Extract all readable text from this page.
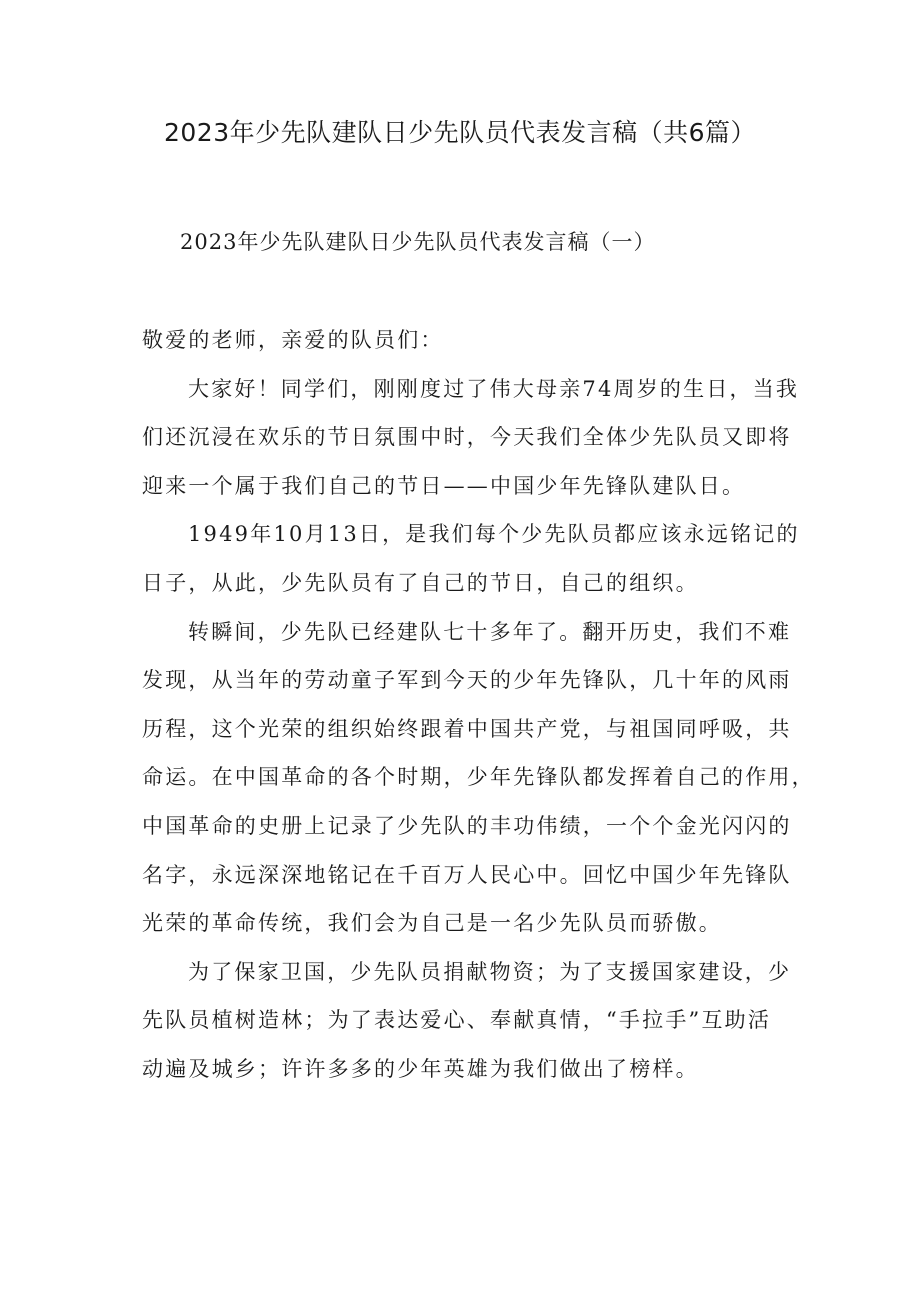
2023年少先队建队日少先队员代表发言稿（共6篇）
2023年少先队建队日少先队员代表发言稿（一）

敬爱的老师，亲爱的队员们：

大家好！同学们，刚刚度过了伟大母亲74周岁的生日，当我
们还沉浸在欢乐的节日氛围中时，今天我们全体少先队员又即将
迎来一个属于我们自己的节日——中国少年先锋队建队日。

1949年10月13日，是我们每个少先队员都应该永远铭记的
日子，从此，少先队员有了自己的节日，自己的组织。

转瞬间，少先队已经建队七十多年了。翻开历史，我们不难
发现，从当年的劳动童子军到今天的少年先锋队，几十年的风雨
历程，这个光荣的组织始终跟着中国共产党，与祖国同呼吸，共
命运。在中国革命的各个时期，少年先锋队都发挥着自己的作用，
中国革命的史册上记录了少先队的丰功伟绩，一个个金光闪闪的
名字，永远深深地铭记在千百万人民心中。回忆中国少年先锋队
光荣的革命传统，我们会为自己是一名少先队员而骄傲。

为了保家卫国，少先队员捐献物资；为了支援国家建设，少
先队员植树造林；为了表达爱心、奉献真情，“手拉手”互助活
动遍及城乡；许许多多的少年英雄为我们做出了榜样。
